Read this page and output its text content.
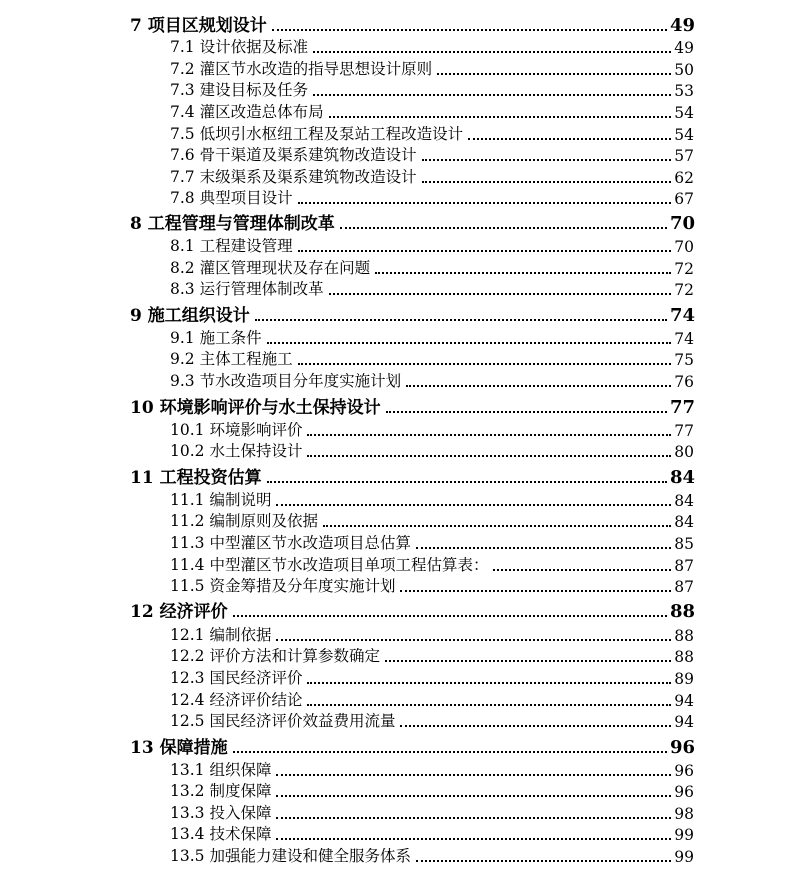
7 项目区规划设计	49
7.1 设计依据及标准	49
7.2 灌区节水改造的指导思想设计原则	50
7.3 建设目标及任务	53
7.4 灌区改造总体布局	54
7.5 低坝引水枢纽工程及泵站工程改造设计	54
7.6 骨干渠道及渠系建筑物改造设计	57
7.7 末级渠系及渠系建筑物改造设计	62
7.8 典型项目设计	67
8 工程管理与管理体制改革	70
8.1 工程建设管理	70
8.2 灌区管理现状及存在问题	72
8.3 运行管理体制改革	72
9 施工组织设计	74
9.1 施工条件	74
9.2 主体工程施工	75
9.3 节水改造项目分年度实施计划	76
10 环境影响评价与水土保持设计	77
10.1 环境影响评价	77
10.2 水土保持设计	80
11 工程投资估算	84
11.1 编制说明	84
11.2 编制原则及依据	84
11.3 中型灌区节水改造项目总估算	85
11.4 中型灌区节水改造项目单项工程估算表：	87
11.5 资金筹措及分年度实施计划	87
12 经济评价	88
12.1 编制依据	88
12.2 评价方法和计算参数确定	88
12.3 国民经济评价	89
12.4 经济评价结论	94
12.5 国民经济评价效益费用流量	94
13 保障措施	96
13.1 组织保障	96
13.2 制度保障	96
13.3 投入保障	98
13.4 技术保障	99
13.5 加强能力建设和健全服务体系	99
